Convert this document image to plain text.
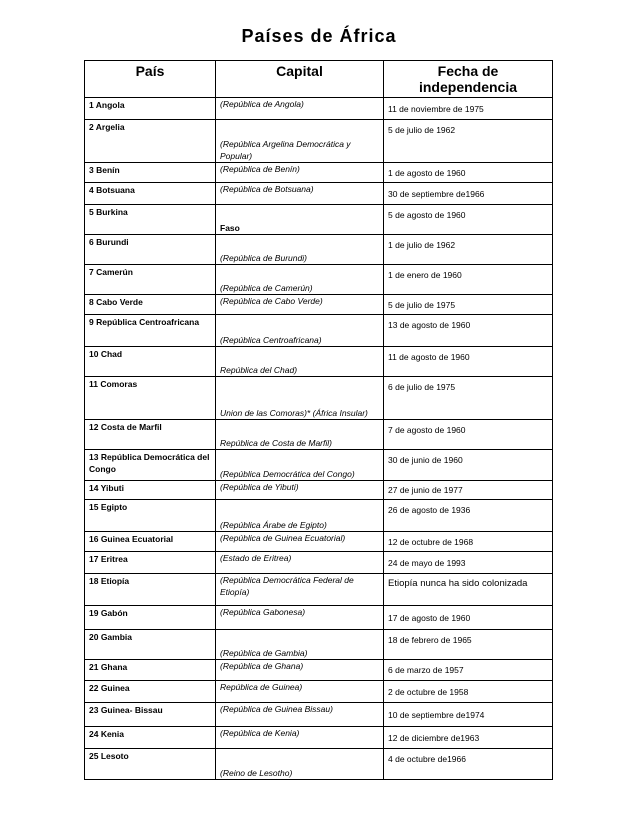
Países de África
País	Capital	Fecha de independencia
1 Angola	(República de Angola)	11 de noviembre de 1975
2 Argelia	(República Argelina Democrática y Popular)	5 de julio de 1962
3 Benín	(República de Benín)	1 de agosto de 1960
4 Botsuana	(República de Botsuana)	30 de septiembre de1966
5 Burkina	Faso	5 de agosto de 1960
6 Burundi	(República de Burundi)	1 de julio de 1962
7 Camerún	(República de Camerún)	1 de enero de 1960
8 Cabo Verde	(República de Cabo Verde)	5 de julio de 1975
9 República Centroafricana	(República Centroafricana)	13 de agosto de 1960
10 Chad	República del Chad)	11 de agosto de 1960
11 Comoras	Union de las Comoras)* (África Insular)	6 de julio de 1975
12 Costa de Marfil	República de Costa de Marfil)	7 de agosto de 1960
13 República Democrática del Congo	(República Democrática del Congo)	30 de junio de 1960
14 Yibuti	(República de Yibuti)	27 de junio de 1977
15 Egipto	(República Árabe de Egipto)	26 de agosto de 1936
16 Guinea Ecuatorial	(República de Guinea Ecuatorial)	12 de octubre de 1968
17 Eritrea	(Estado de Eritrea)	24 de mayo de 1993
18 Etiopía	(República Democrática Federal de Etiopía)	Etiopía nunca ha sido colonizada
19 Gabón	(República Gabonesa)	17 de agosto de 1960
20 Gambia	(República de Gambia)	18 de febrero de 1965
21 Ghana	(República de Ghana)	6 de marzo de 1957
22 Guinea	República de Guinea)	2 de octubre de 1958
23 Guinea- Bissau	(República de Guinea Bissau)	10 de septiembre de1974
24 Kenia	(República de Kenia)	12 de diciembre de1963
25 Lesoto	(Reino de Lesotho)	4 de octubre de1966
